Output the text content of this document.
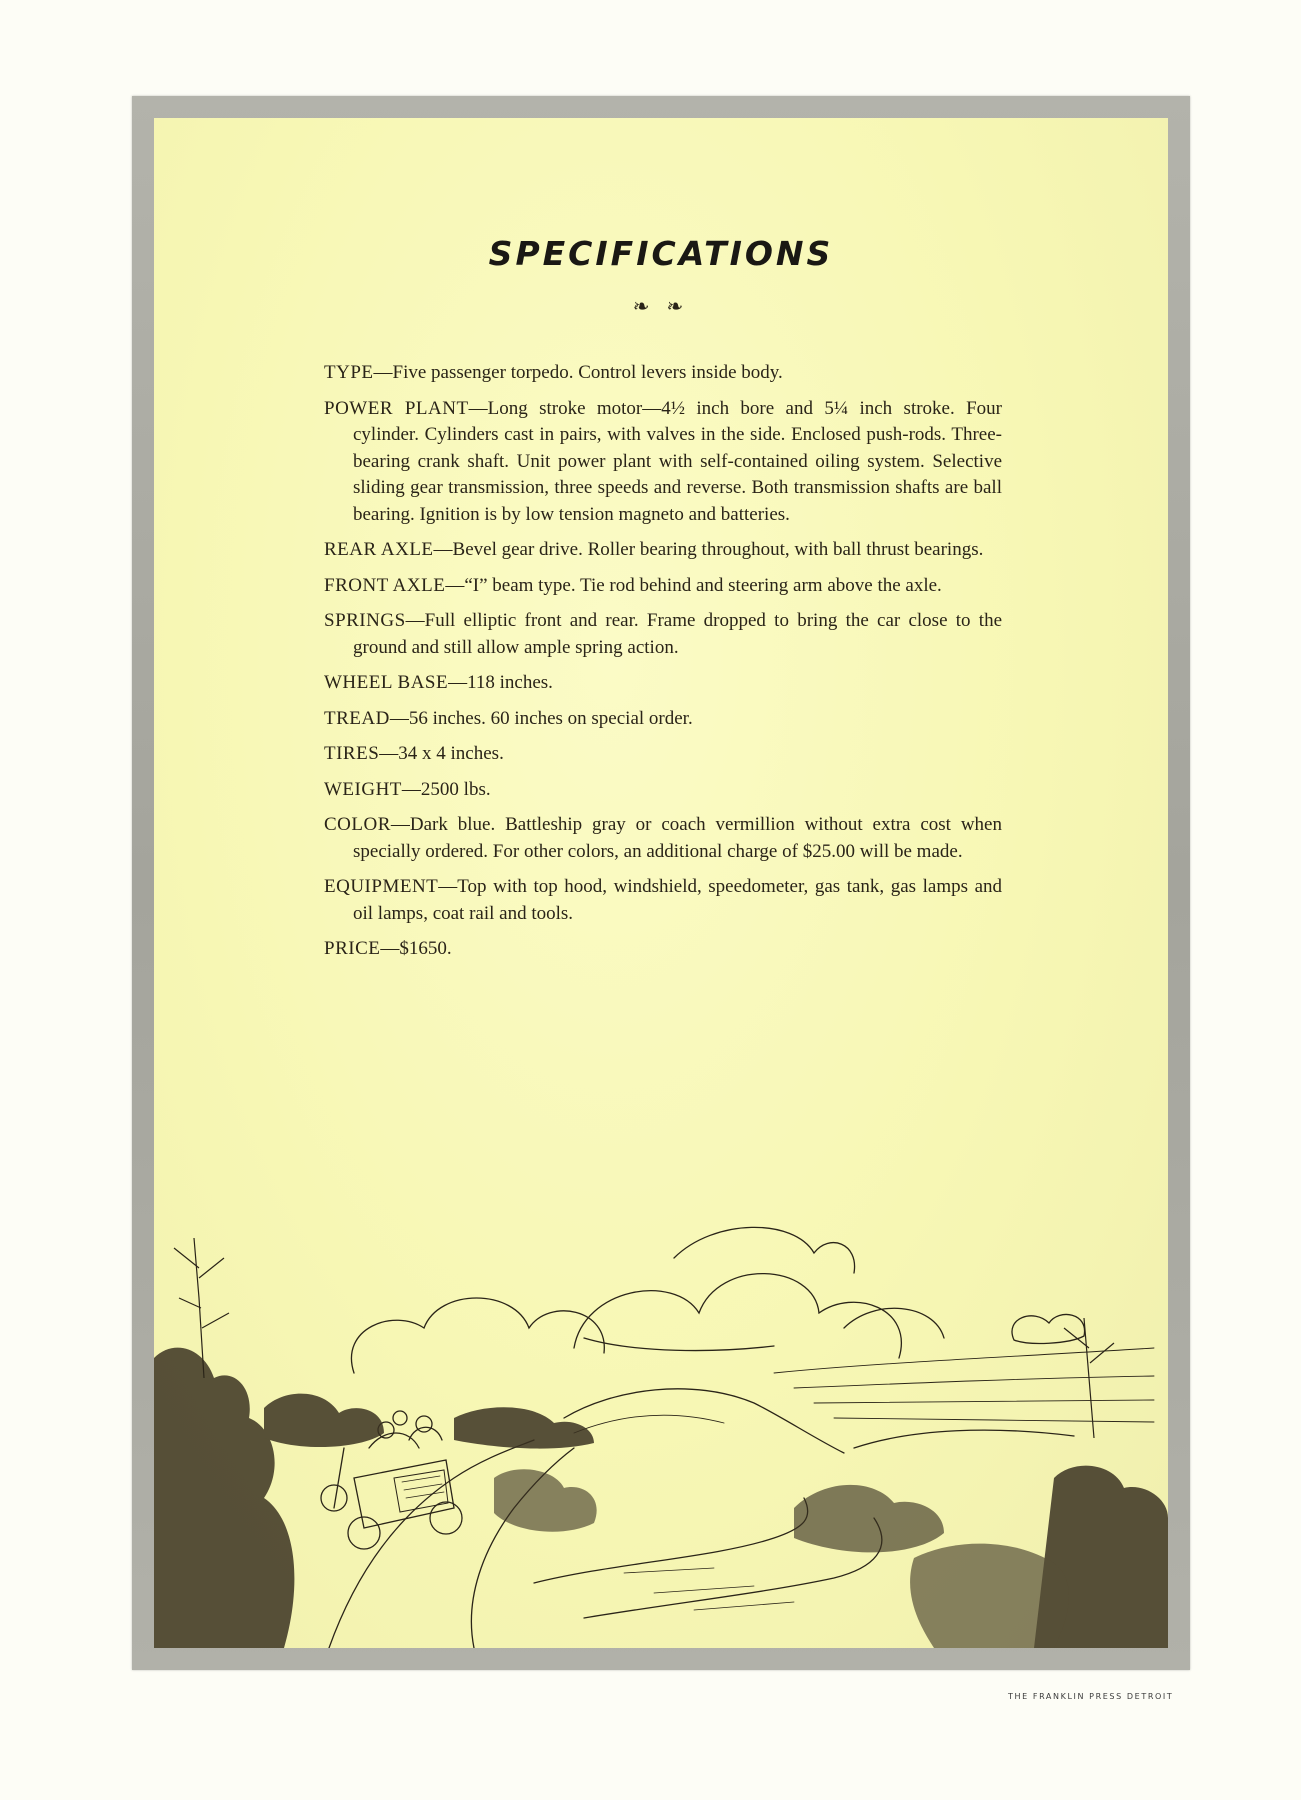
SPECIFICATIONS
❧ ❧

TYPE—Five passenger torpedo. Control levers inside body.

POWER PLANT—Long stroke motor—4½ inch bore and 5¼ inch stroke. Four cylinder. Cylinders cast in pairs, with valves in the side. Enclosed push-rods. Three-bearing crank shaft. Unit power plant with self-contained oiling system. Selective sliding gear transmission, three speeds and reverse. Both transmission shafts are ball bearing. Ignition is by low tension magneto and batteries.

REAR AXLE—Bevel gear drive. Roller bearing throughout, with ball thrust bearings.

FRONT AXLE—“I” beam type. Tie rod behind and steering arm above the axle.

SPRINGS—Full elliptic front and rear. Frame dropped to bring the car close to the ground and still allow ample spring action.

WHEEL BASE—118 inches.

TREAD—56 inches. 60 inches on special order.

TIRES—34 x 4 inches.

WEIGHT—2500 lbs.

COLOR—Dark blue. Battleship gray or coach vermillion without extra cost when specially ordered. For other colors, an additional charge of $25.00 will be made.

EQUIPMENT—Top with top hood, windshield, speedometer, gas tank, gas lamps and oil lamps, coat rail and tools.

PRICE—$1650.

THE FRANKLIN PRESS DETROIT
